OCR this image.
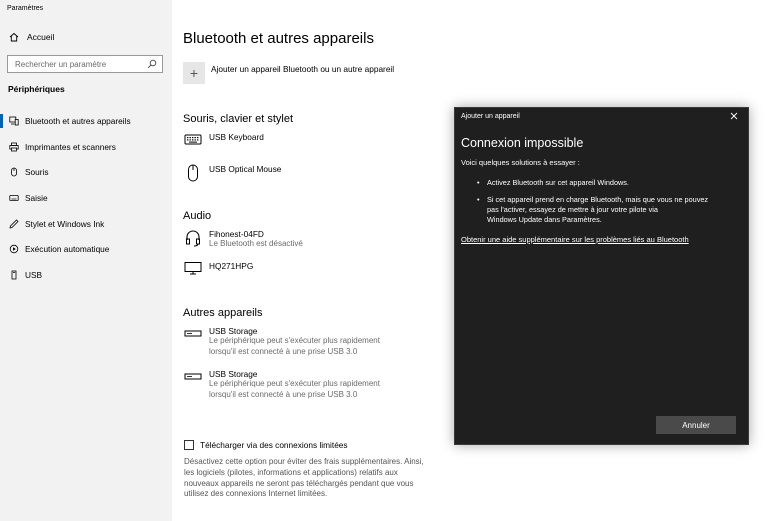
Paramètres
Accueil
Rechercher un paramètre
Périphériques
Bluetooth et autres appareils
Imprimantes et scanners
Souris
Saisie
Stylet et Windows Ink
Exécution automatique
USB
Bluetooth et autres appareils
+	Ajouter un appareil Bluetooth ou un autre appareil
Souris, clavier et stylet
USB Keyboard
USB Optical Mouse
Audio
Fihonest-04FD
Le Bluetooth est désactivé
HQ271HPG
Autres appareils
USB Storage
Le périphérique peut s'exécuter plus rapidement
lorsqu'il est connecté à une prise USB 3.0
USB Storage
Le périphérique peut s'exécuter plus rapidement
lorsqu'il est connecté à une prise USB 3.0
Télécharger via des connexions limitées
Désactivez cette option pour éviter des frais supplémentaires. Ainsi,
les logiciels (pilotes, informations et applications) relatifs aux
nouveaux appareils ne seront pas téléchargés pendant que vous
utilisez des connexions Internet limitées.
Ajouter un appareil
Connexion impossible
Voici quelques solutions à essayer :
• Activez Bluetooth sur cet appareil Windows.
• Si cet appareil prend en charge Bluetooth, mais que vous ne pouvez
pas l'activer, essayez de mettre à jour votre pilote via
Windows Update dans Paramètres.
Obtenir une aide supplémentaire sur les problèmes liés au Bluetooth
Annuler
